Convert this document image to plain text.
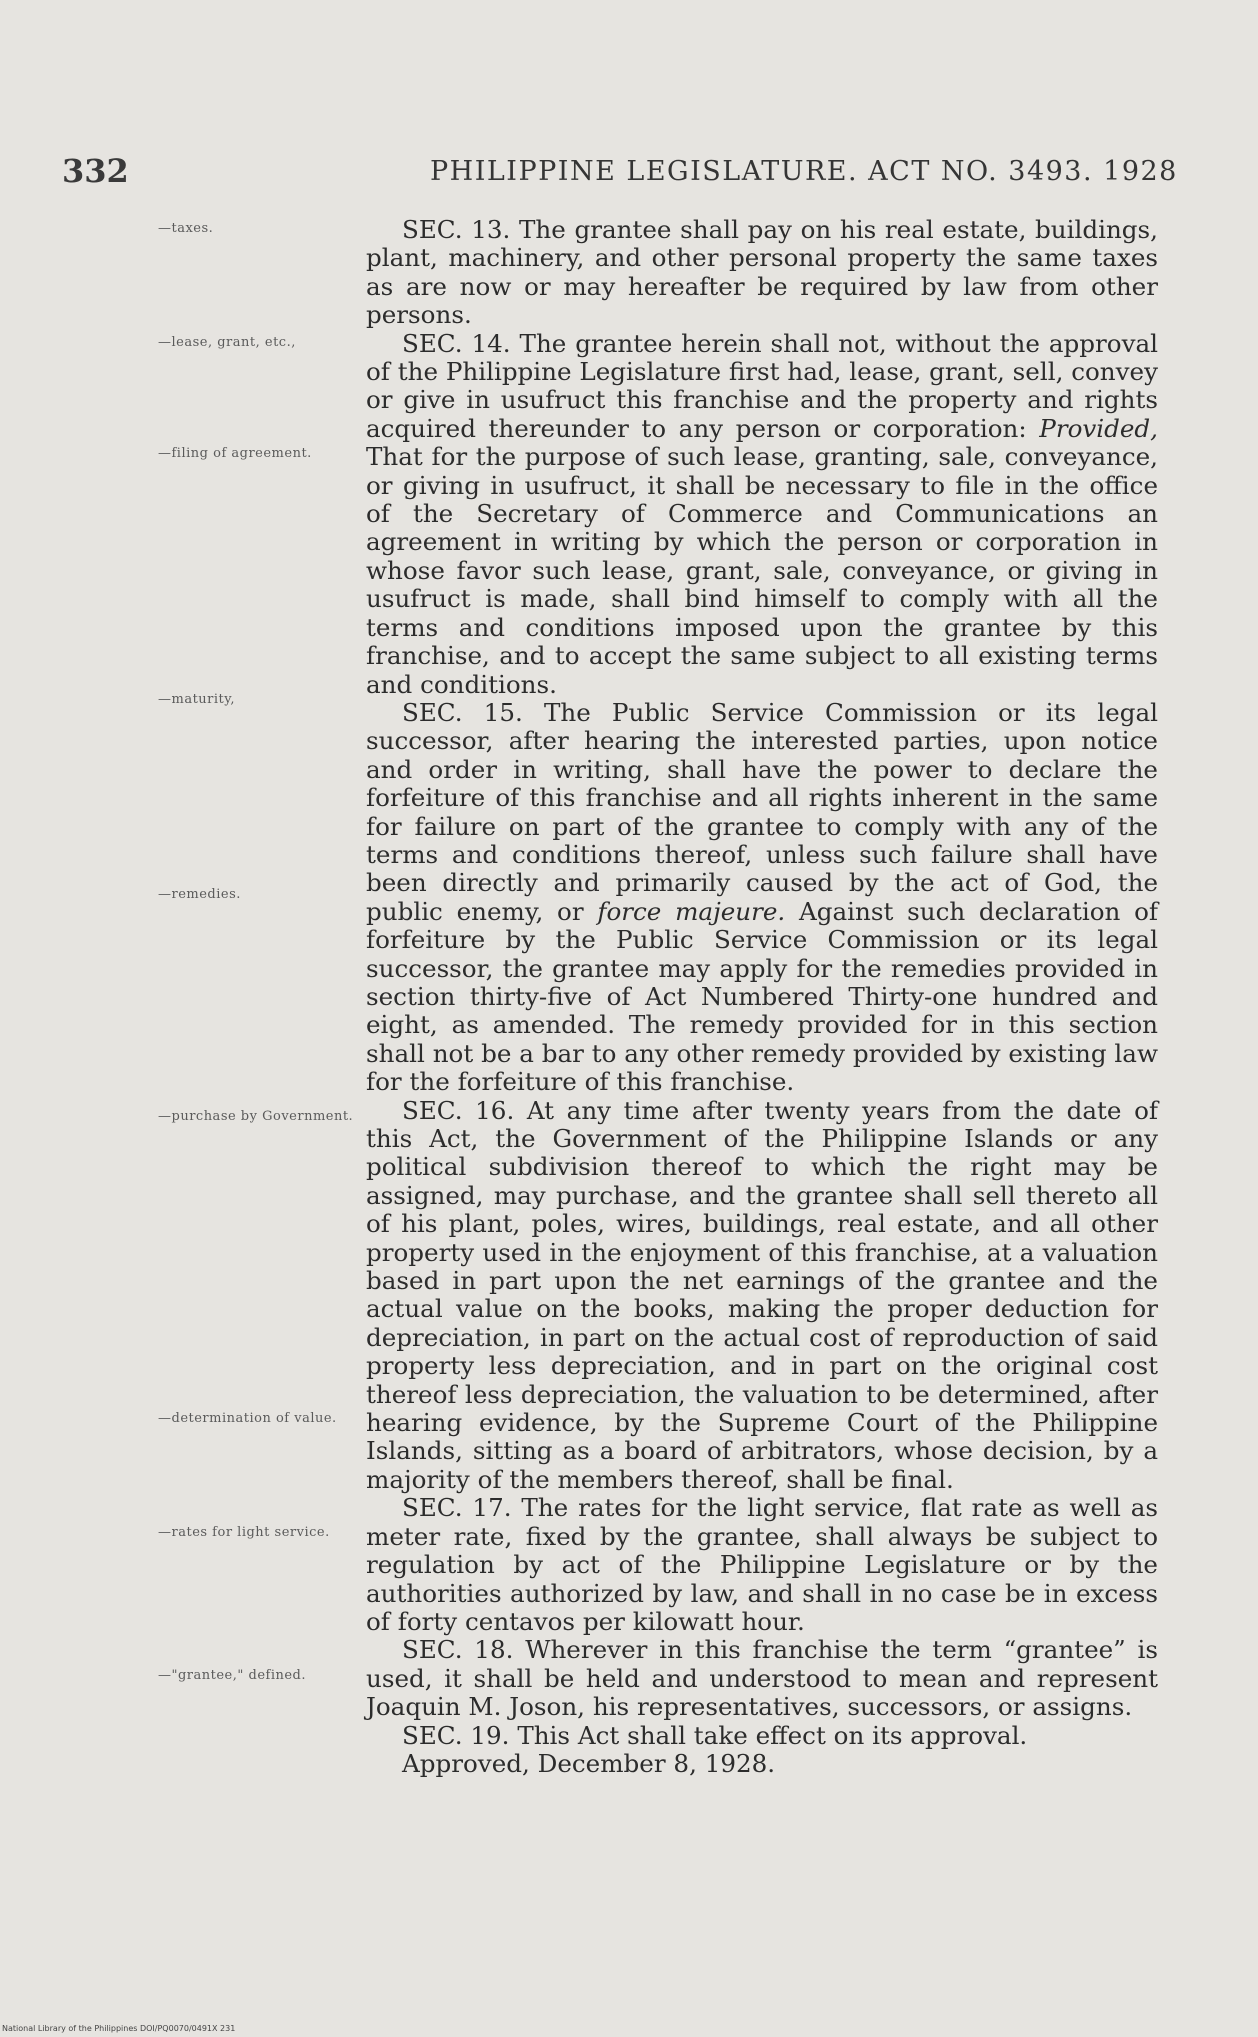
332	PHILIPPINE LEGISLATURE. ACT NO. 3493. 1928
—taxes.
—lease, grant, etc.,
—filing of agreement.
—maturity,
—remedies.
—purchase by Government.
—determination of value.
—rates for light service.
—"grantee," defined.

SEC. 13. The grantee shall pay on his real estate, buildings, plant, machinery, and other personal property the same taxes as are now or may hereafter be required by law from other persons.

SEC. 14. The grantee herein shall not, without the approval of the Philippine Legislature first had, lease, grant, sell, convey or give in usufruct this franchise and the property and rights acquired thereunder to any person or corporation: Provided, That for the purpose of such lease, granting, sale, conveyance, or giving in usufruct, it shall be necessary to file in the office of the Secretary of Commerce and Communications an agreement in writing by which the person or corporation in whose favor such lease, grant, sale, conveyance, or giving in usufruct is made, shall bind himself to comply with all the terms and conditions imposed upon the grantee by this franchise, and to accept the same subject to all existing terms and conditions.

SEC. 15. The Public Service Commission or its legal successor, after hearing the interested parties, upon notice and order in writing, shall have the power to declare the forfeiture of this franchise and all rights inherent in the same for failure on part of the grantee to comply with any of the terms and conditions thereof, unless such failure shall have been directly and primarily caused by the act of God, the public enemy, or force majeure. Against such declaration of forfeiture by the Public Service Commission or its legal successor, the grantee may apply for the remedies provided in section thirty-five of Act Numbered Thirty-one hundred and eight, as amended. The remedy provided for in this section shall not be a bar to any other remedy provided by existing law for the forfeiture of this franchise.

SEC. 16. At any time after twenty years from the date of this Act, the Government of the Philippine Islands or any political subdivision thereof to which the right may be assigned, may purchase, and the grantee shall sell thereto all of his plant, poles, wires, buildings, real estate, and all other property used in the enjoyment of this franchise, at a valuation based in part upon the net earnings of the grantee and the actual value on the books, making the proper deduction for depreciation, in part on the actual cost of reproduction of said property less depreciation, and in part on the original cost thereof less depreciation, the valuation to be determined, after hearing evidence, by the Supreme Court of the Philippine Islands, sitting as a board of arbitrators, whose decision, by a majority of the members thereof, shall be final.

SEC. 17. The rates for the light service, flat rate as well as meter rate, fixed by the grantee, shall always be subject to regulation by act of the Philippine Legislature or by the authorities authorized by law, and shall in no case be in excess of forty centavos per kilowatt hour.

SEC. 18. Wherever in this franchise the term “grantee” is used, it shall be held and understood to mean and represent Joaquin M. Joson, his representatives, successors, or assigns.

SEC. 19. This Act shall take effect on its approval.

Approved, December 8, 1928.

National Library of the Philippines DOI/PQ0070/0491X 231
